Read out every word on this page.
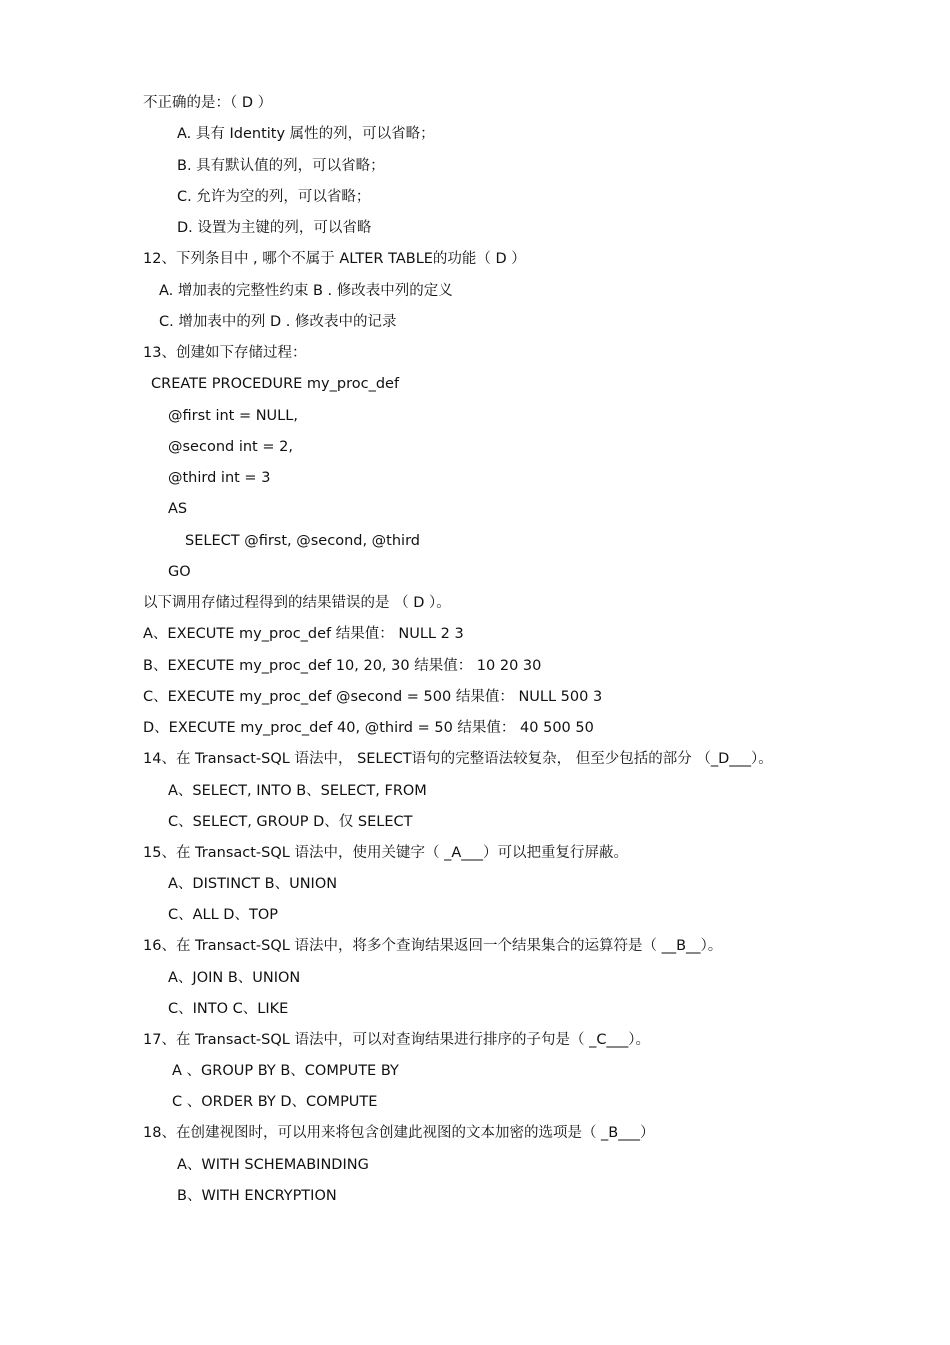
不正确的是：（ D ）
A. 具有 Identity 属性的列，可以省略；
B. 具有默认值的列，可以省略；
C. 允许为空的列，可以省略；
D. 设置为主键的列，可以省略
12、下列条目中 , 哪个不属于 ALTER TABLE的功能（ D ）
A. 增加表的完整性约束 B . 修改表中列的定义
C. 增加表中的列 D . 修改表中的记录
13、创建如下存储过程：
CREATE PROCEDURE my_proc_def
@first int = NULL,
@second int = 2,
@third int = 3
AS
SELECT @first, @second, @third
GO
以下调用存储过程得到的结果错误的是 （ D ）。
A、EXECUTE my_proc_def 结果值： NULL 2 3
B、EXECUTE my_proc_def 10, 20, 30 结果值： 10 20 30
C、EXECUTE my_proc_def @second = 500 结果值： NULL 500 3
D、EXECUTE my_proc_def 40, @third = 50 结果值： 40 500 50
14、在 Transact-SQL 语法中， SELECT语句的完整语法较复杂， 但至少包括的部分 （_D___）。
A、SELECT, INTO B、SELECT, FROM
C、SELECT, GROUP D、仅 SELECT
15、在 Transact-SQL 语法中，使用关键字（ _A___）可以把重复行屏蔽。
A、DISTINCT B、UNION
C、ALL D、TOP
16、在 Transact-SQL 语法中，将多个查询结果返回一个结果集合的运算符是（ __B__）。
A、JOIN B、UNION
C、INTO C、LIKE
17、在 Transact-SQL 语法中，可以对查询结果进行排序的子句是（ _C___）。
A 、GROUP BY B、COMPUTE BY
C 、ORDER BY D、COMPUTE
18、在创建视图时，可以用来将包含创建此视图的文本加密的选项是（ _B___）
A、WITH SCHEMABINDING
B、WITH ENCRYPTION
